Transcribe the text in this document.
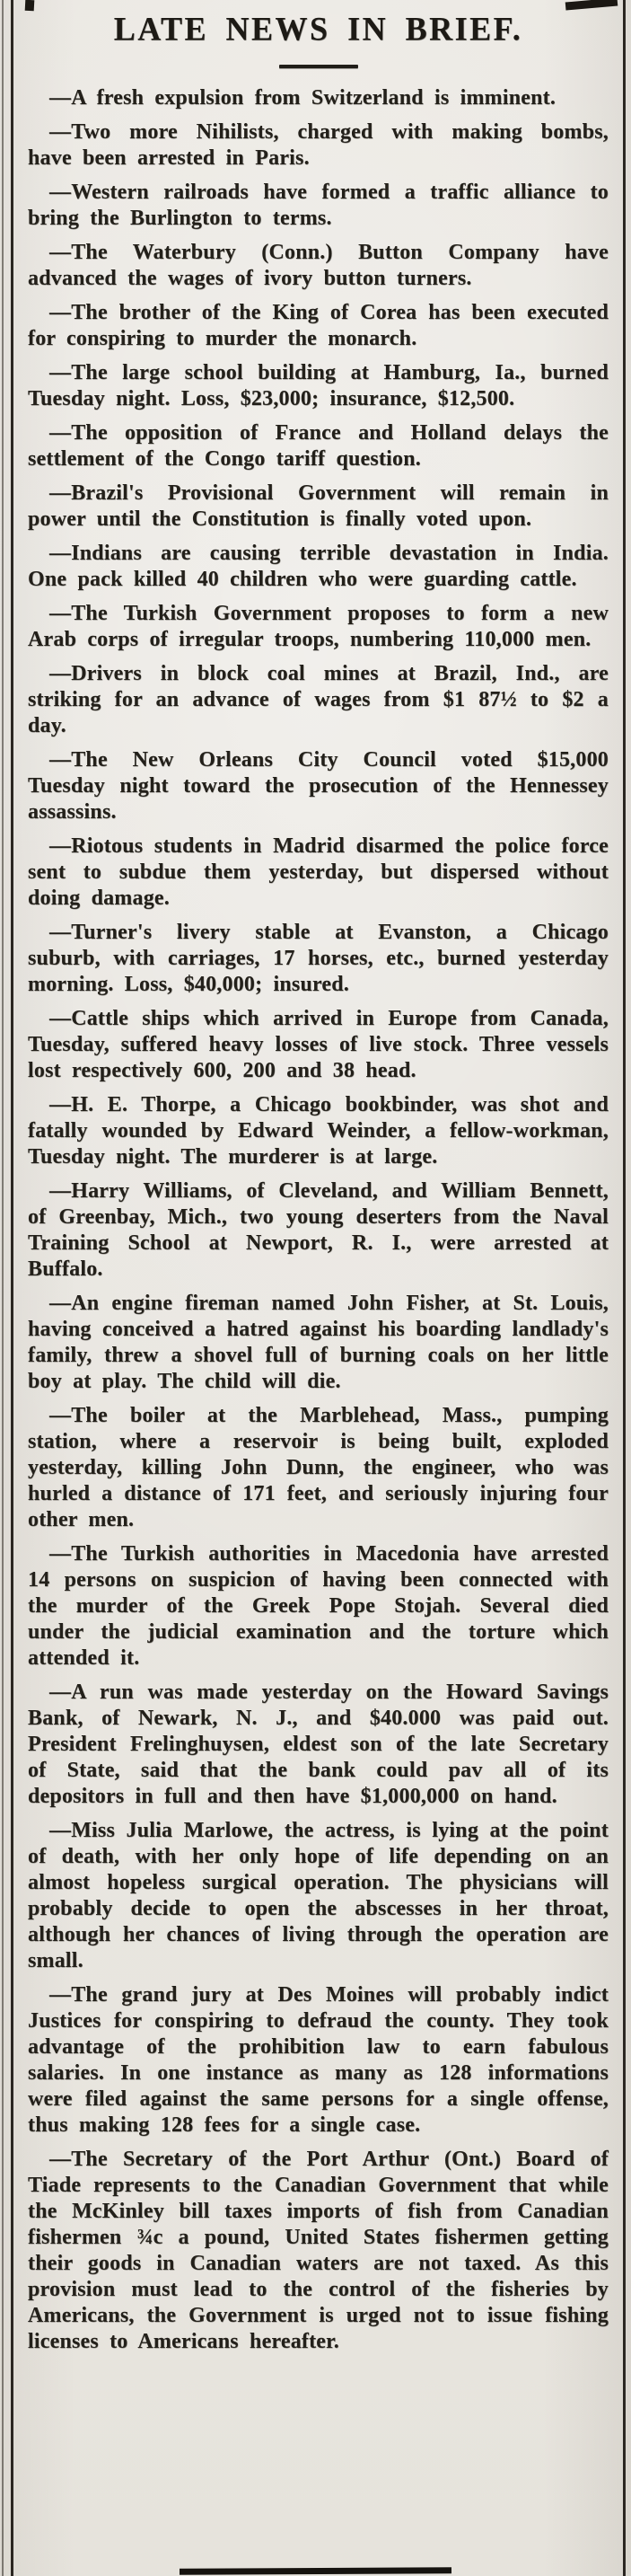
LATE NEWS IN BRIEF.

—A fresh expulsion from Switzerland is imminent.

—Two more Nihilists, charged with making bombs, have been arrested in Paris.

—Western railroads have formed a traffic alliance to bring the Burlington to terms.

—The Waterbury (Conn.) Button Company have advanced the wages of ivory button turners.

—The brother of the King of Corea has been executed for conspiring to murder the monarch.

—The large school building at Hamburg, Ia., burned Tuesday night. Loss, $23,000; insurance, $12,500.

—The opposition of France and Holland delays the settlement of the Congo tariff question.

—Brazil's Provisional Government will remain in power until the Constitution is finally voted upon.

—Indians are causing terrible devastation in India. One pack killed 40 children who were guarding cattle.

—The Turkish Government proposes to form a new Arab corps of irregular troops, numbering 110,000 men.

—Drivers in block coal mines at Brazil, Ind., are striking for an advance of wages from $1 87½ to $2 a day.

—The New Orleans City Council voted $15,000 Tuesday night toward the prosecution of the Hennessey assassins.

—Riotous students in Madrid disarmed the police force sent to subdue them yesterday, but dispersed without doing damage.

—Turner's livery stable at Evanston, a Chicago suburb, with carriages, 17 horses, etc., burned yesterday morning. Loss, $40,000; insured.

—Cattle ships which arrived in Europe from Canada, Tuesday, suffered heavy losses of live stock. Three vessels lost respectively 600, 200 and 38 head.

—H. E. Thorpe, a Chicago bookbinder, was shot and fatally wounded by Edward Weinder, a fellow-workman, Tuesday night. The murderer is at large.

—Harry Williams, of Cleveland, and William Bennett, of Greenbay, Mich., two young deserters from the Naval Training School at Newport, R. I., were arrested at Buffalo.

—An engine fireman named John Fisher, at St. Louis, having conceived a hatred against his boarding landlady's family, threw a shovel full of burning coals on her little boy at play. The child will die.

—The boiler at the Marblehead, Mass., pumping station, where a reservoir is being built, exploded yesterday, killing John Dunn, the engineer, who was hurled a distance of 171 feet, and seriously injuring four other men.

—The Turkish authorities in Macedonia have arrested 14 persons on suspicion of having been connected with the murder of the Greek Pope Stojah. Several died under the judicial examination and the torture which attended it.

—A run was made yesterday on the Howard Savings Bank, of Newark, N. J., and $40.000 was paid out. President Frelinghuysen, eldest son of the late Secretary of State, said that the bank could pav all of its depositors in full and then have $1,000,000 on hand.

—Miss Julia Marlowe, the actress, is lying at the point of death, with her only hope of life depending on an almost hopeless surgical operation. The physicians will probably decide to open the abscesses in her throat, although her chances of living through the operation are small.

—The grand jury at Des Moines will probably indict Justices for conspiring to defraud the county. They took advantage of the prohibition law to earn fabulous salaries. In one instance as many as 128 informations were filed against the same persons for a single offense, thus making 128 fees for a single case.

—The Secretary of the Port Arthur (Ont.) Board of Tiade represents to the Canadian Government that while the McKinley bill taxes imports of fish from Canadian fishermen ¾c a pound, United States fishermen getting their goods in Canadian waters are not taxed. As this provision must lead to the control of the fisheries by Americans, the Government is urged not to issue fishing licenses to Americans hereafter.
